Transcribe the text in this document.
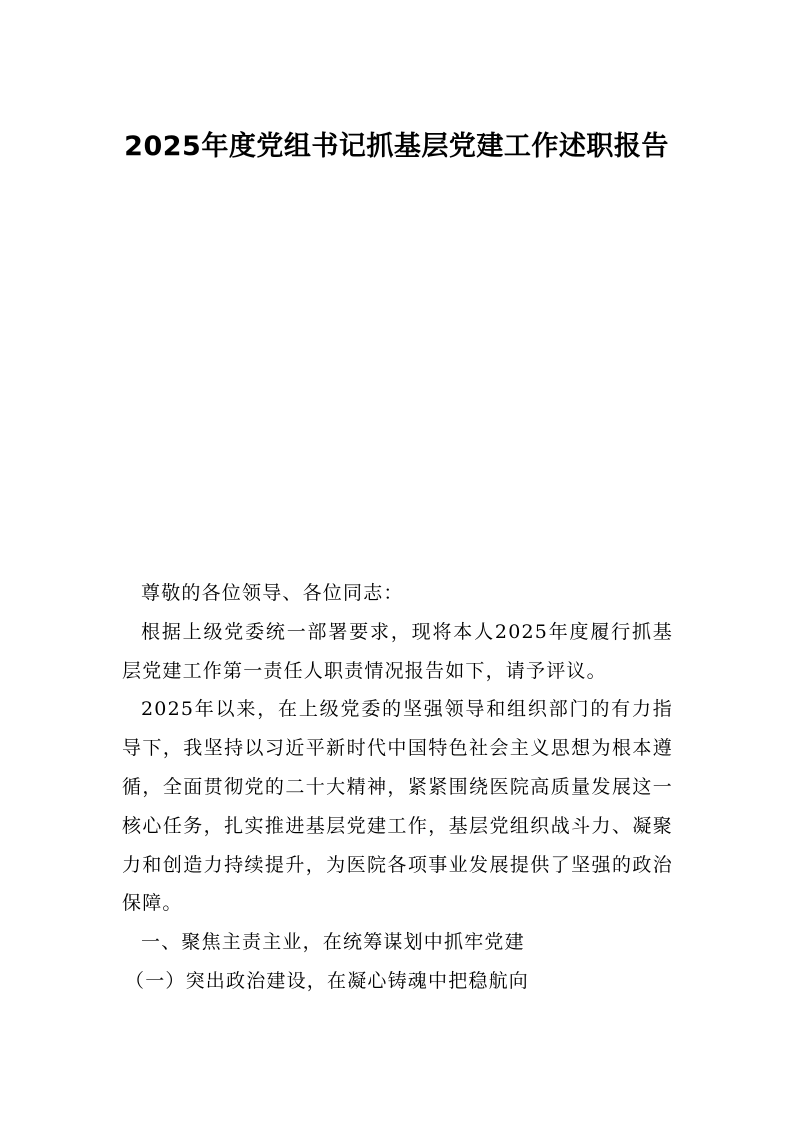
2025年度党组书记抓基层党建工作述职报告

尊敬的各位领导、各位同志：

根据上级党委统一部署要求，现将本人2025年度履行抓基层党建工作第一责任人职责情况报告如下，请予评议。

2025年以来，在上级党委的坚强领导和组织部门的有力指导下，我坚持以习近平新时代中国特色社会主义思想为根本遵循，全面贯彻党的二十大精神，紧紧围绕医院高质量发展这一核心任务，扎实推进基层党建工作，基层党组织战斗力、凝聚力和创造力持续提升，为医院各项事业发展提供了坚强的政治保障。

一、聚焦主责主业，在统筹谋划中抓牢党建

（一）突出政治建设，在凝心铸魂中把稳航向
